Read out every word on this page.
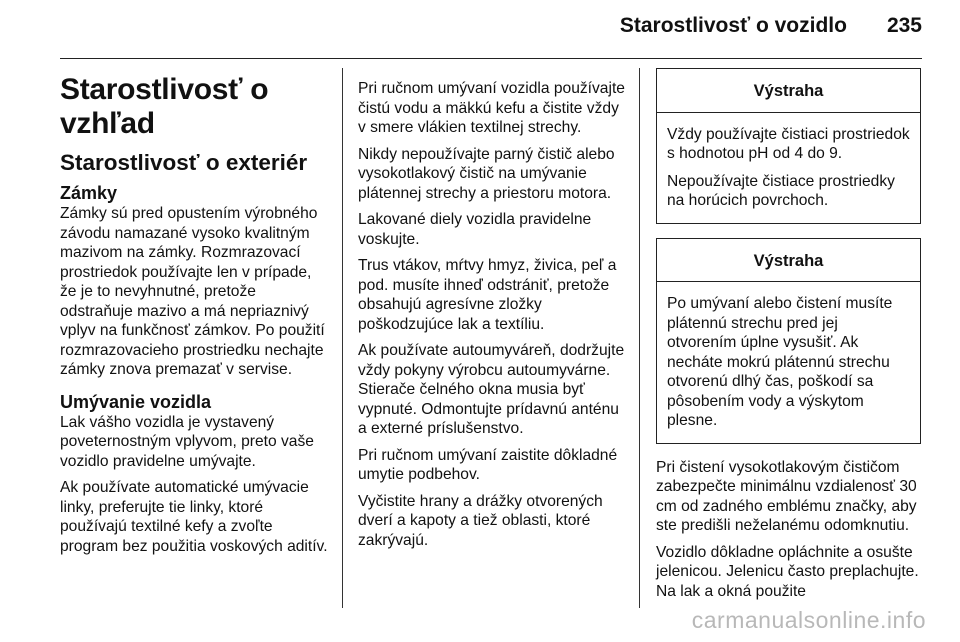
Starostlivosť o vozidlo 235
Starostlivosť o vzhľad
Starostlivosť o exteriér
Zámky

Zámky sú pred opustením výrobného závodu namazané vysoko kvalitným mazivom na zámky. Rozmrazovací prostriedok používajte len v prípade, že je to nevyhnutné, pretože odstraňuje mazivo a má nepriaznivý vplyv na funkčnosť zámkov. Po použití rozmrazovacieho prostriedku nechajte zámky znova premazať v servise.

Umývanie vozidla

Lak vášho vozidla je vystavený poveternostným vplyvom, preto vaše vozidlo pravidelne umývajte.

Ak používate automatické umývacie linky, preferujte tie linky, ktoré používajú textilné kefy a zvoľte program bez použitia voskových aditív.

Pri ručnom umývaní vozidla používajte čistú vodu a mäkkú kefu a čistite vždy v smere vlákien textilnej strechy.

Nikdy nepoužívajte parný čistič alebo vysokotlakový čistič na umývanie plátennej strechy a priestoru motora.

Lakované diely vozidla pravidelne voskujte.

Trus vtákov, mŕtvy hmyz, živica, peľ a pod. musíte ihneď odstrániť, pretože obsahujú agresívne zložky poškodzujúce lak a textíliu.

Ak používate autoumyváreň, dodržujte vždy pokyny výrobcu autoumyvárne. Stierače čelného okna musia byť vypnuté. Odmontujte prídavnú anténu a externé príslušenstvo.

Pri ručnom umývaní zaistite dôkladné umytie podbehov.

Vyčistite hrany a drážky otvorených dverí a kapoty a tiež oblasti, ktoré zakrývajú.

Výstraha

Vždy používajte čistiaci prostriedok s hodnotou pH od 4 do 9.

Nepoužívajte čistiace prostriedky na horúcich povrchoch.

Výstraha

Po umývaní alebo čistení musíte plátennú strechu pred jej otvorením úplne vysušiť. Ak necháte mokrú plátennú strechu otvorenú dlhý čas, poškodí sa pôsobením vody a výskytom plesne.

Pri čistení vysokotlakovým čističom zabezpečte minimálnu vzdialenosť 30 cm od zadného emblému značky, aby ste predišli neželanému odomknutiu.

Vozidlo dôkladne opláchnite a osušte jelenicou. Jelenicu často preplachujte. Na lak a okná použite

carmanualsonline.info
